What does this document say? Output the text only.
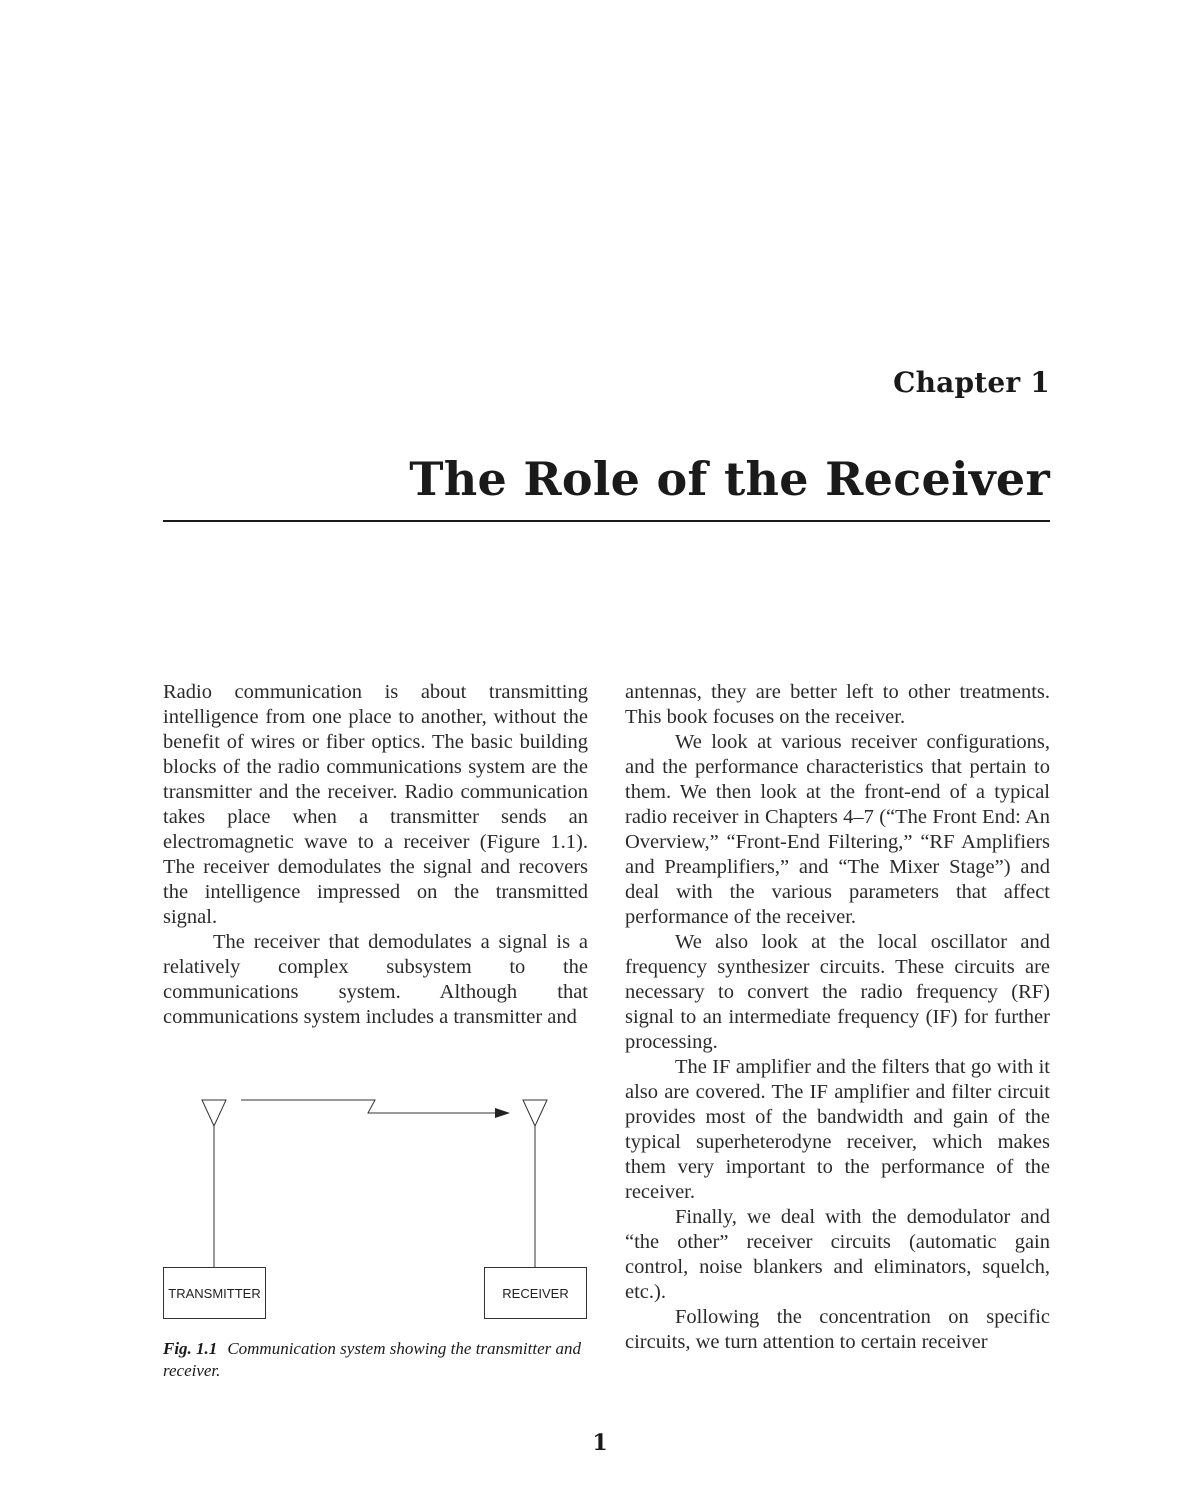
Chapter 1
The Role of the Receiver

Radio communication is about transmitting intelligence from one place to another, without the benefit of wires or fiber optics. The basic building blocks of the radio communications system are the transmitter and the receiver. Radio communication takes place when a transmitter sends an electromagnetic wave to a receiver (Figure 1.1). The receiver demodulates the signal and recovers the intelligence impressed on the transmitted signal.

The receiver that demodulates a signal is a relatively complex subsystem to the communications system. Although that communications system includes a transmitter and

antennas, they are better left to other treatments. This book focuses on the receiver.

We look at various receiver configurations, and the performance characteristics that pertain to them. We then look at the front-end of a typical radio receiver in Chapters 4–7 (“The Front End: An Overview,” “Front-End Filtering,” “RF Amplifiers and Preamplifiers,” and “The Mixer Stage”) and deal with the various parameters that affect performance of the receiver.

We also look at the local oscillator and frequency synthesizer circuits. These circuits are necessary to convert the radio frequency (RF) signal to an intermediate frequency (IF) for further processing.

The IF amplifier and the filters that go with it also are covered. The IF amplifier and filter circuit provides most of the bandwidth and gain of the typical superheterodyne receiver, which makes them very important to the performance of the receiver.

Finally, we deal with the demodulator and “the other” receiver circuits (automatic gain control, noise blankers and eliminators, squelch, etc.).

Following the concentration on specific circuits, we turn attention to certain receiver

TRANSMITTER	RECEIVER
Fig. 1.1 Communication system showing the transmitter and receiver.
1
